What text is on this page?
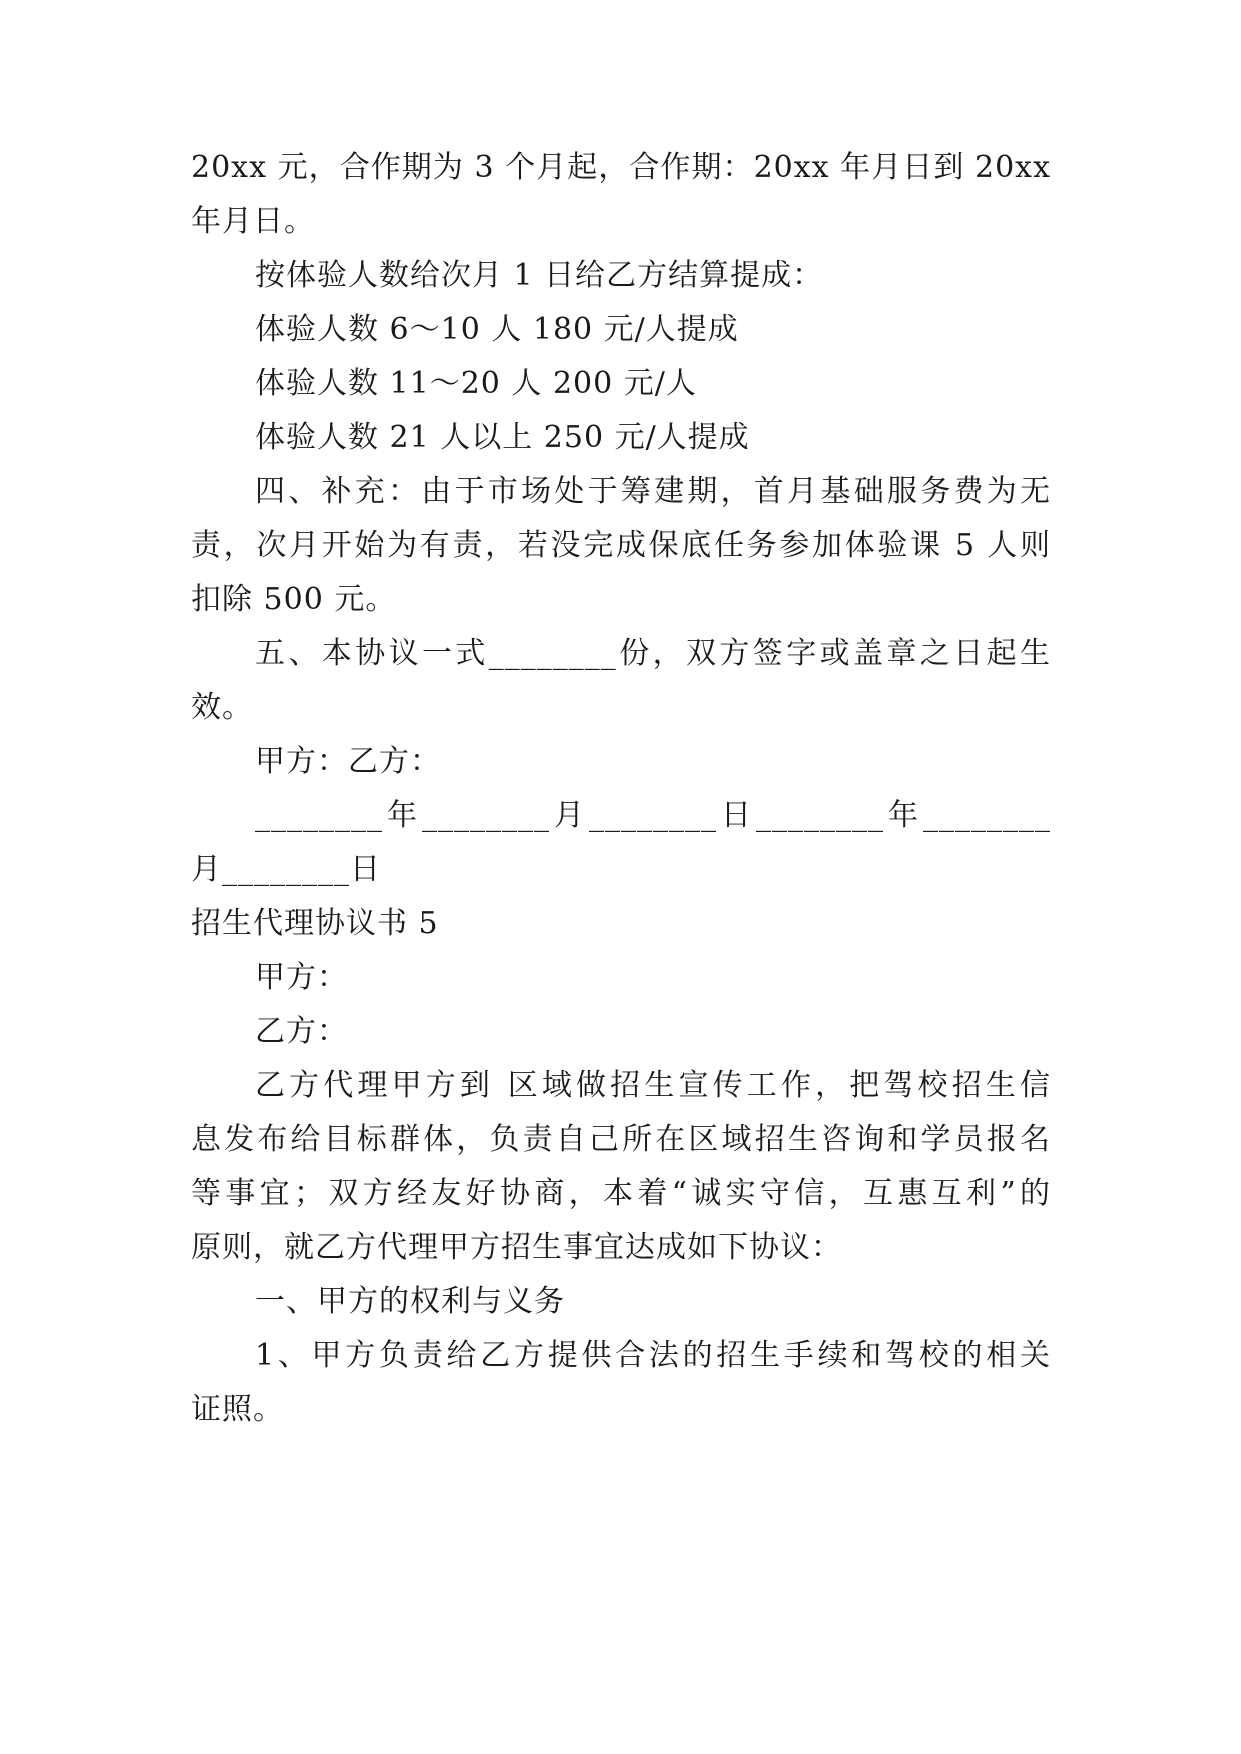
20xx 元，合作期为 3 个月起，合作期：20xx 年月日到 20xx
年月日。
按体验人数给次月 1 日给乙方结算提成：
体验人数 6～10 人 180 元/人提成
体验人数 11～20 人 200 元/人
体验人数 21 人以上 250 元/人提成
四、补充：由于市场处于筹建期，首月基础服务费为无
责，次月开始为有责，若没完成保底任务参加体验课 5 人则
扣除 500 元。
五、本协议一式________份，双方签字或盖章之日起生
效。
甲方：乙方：
________年________月________日________年________
月________日
招生代理协议书 5
甲方：
乙方：
乙方代理甲方到 区域做招生宣传工作，把驾校招生信
息发布给目标群体，负责自己所在区域招生咨询和学员报名
等事宜；双方经友好协商，本着“诚实守信，互惠互利”的
原则，就乙方代理甲方招生事宜达成如下协议：
一、甲方的权利与义务
1、甲方负责给乙方提供合法的招生手续和驾校的相关
证照。
